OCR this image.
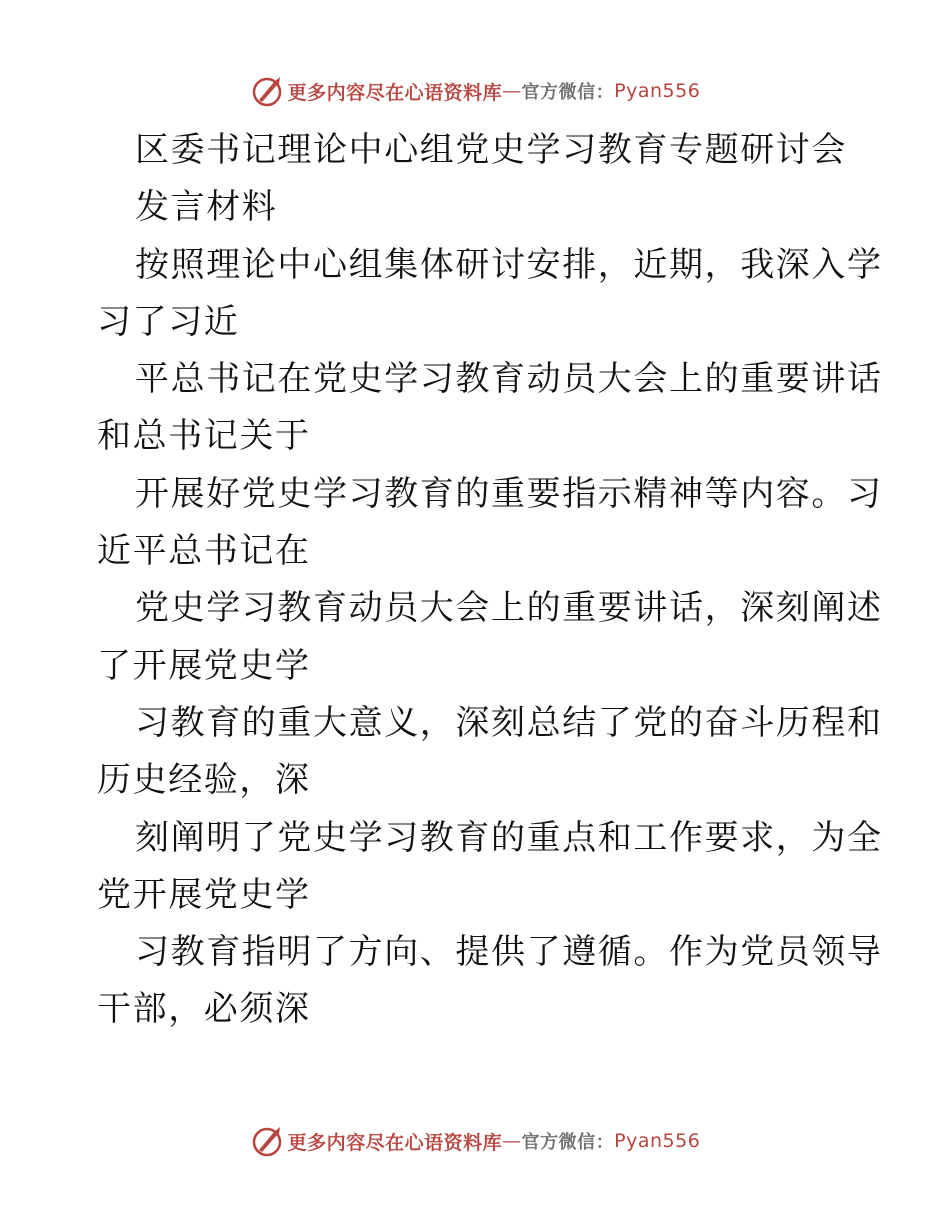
更多内容尽在心语资料库 — 官方微信： Pyan556
区委书记理论中心组党史学习教育专题研讨会
发言材料
按照理论中心组集体研讨安排，近期，我深入学
习了习近
平总书记在党史学习教育动员大会上的重要讲话
和总书记关于
开展好党史学习教育的重要指示精神等内容。习
近平总书记在
党史学习教育动员大会上的重要讲话，深刻阐述
了开展党史学
习教育的重大意义，深刻总结了党的奋斗历程和
历史经验，深
刻阐明了党史学习教育的重点和工作要求，为全
党开展党史学
习教育指明了方向、提供了遵循。作为党员领导
干部，必须深
更多内容尽在心语资料库 — 官方微信： Pyan556
